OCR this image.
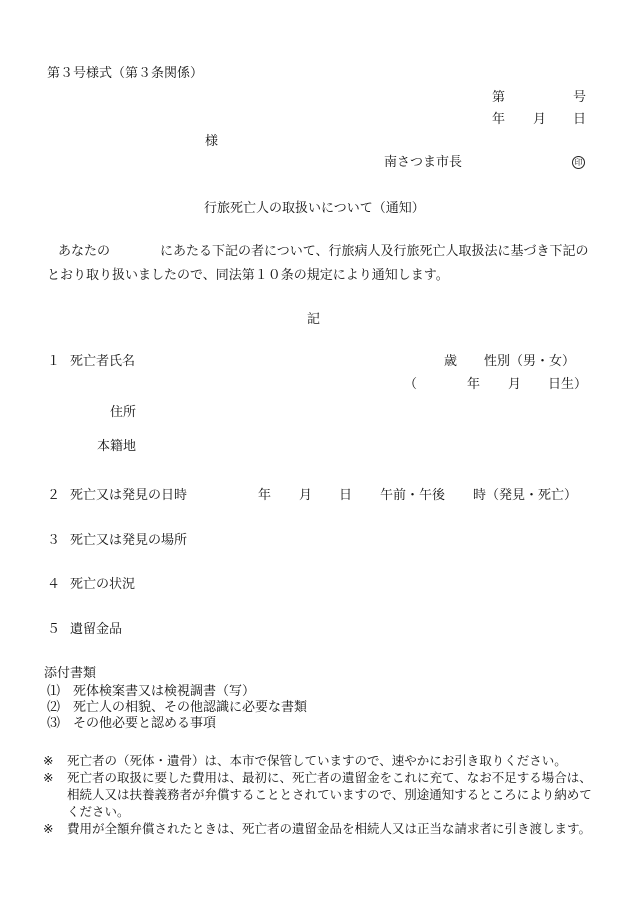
第３号様式（第３条関係）
第	号
年 月 日
様
南さつま市長	印
行旅死亡人の取扱いについて（通知）
あなたの	にあたる下記の者について、行旅病人及行旅死亡人取扱法に基づき下記のとおり取り扱いましたので、同法第１０条の規定により通知します。
記
１ 死亡者氏名	歳 性別（男・女）
（	年 月 日生）
住所
本籍地
２ 死亡又は発見の日時	年 月 日 午前・午後 時（発見・死亡）
３ 死亡又は発見の場所
４ 死亡の状況
５ 遺留金品
添付書類
⑴　死体検案書又は検視調書（写）
⑵　死亡人の相貌、その他認識に必要な書類
⑶　その他必要と認める事項
※	死亡者の（死体・遺骨）は、本市で保管していますので、速やかにお引き取りください。
※	死亡者の取扱に要した費用は、最初に、死亡者の遺留金をこれに充て、なお不足する場合は、相続人又は扶養義務者が弁償することとされていますので、別途通知するところにより納めてください。
※	費用が全額弁償されたときは、死亡者の遺留金品を相続人又は正当な請求者に引き渡します。
